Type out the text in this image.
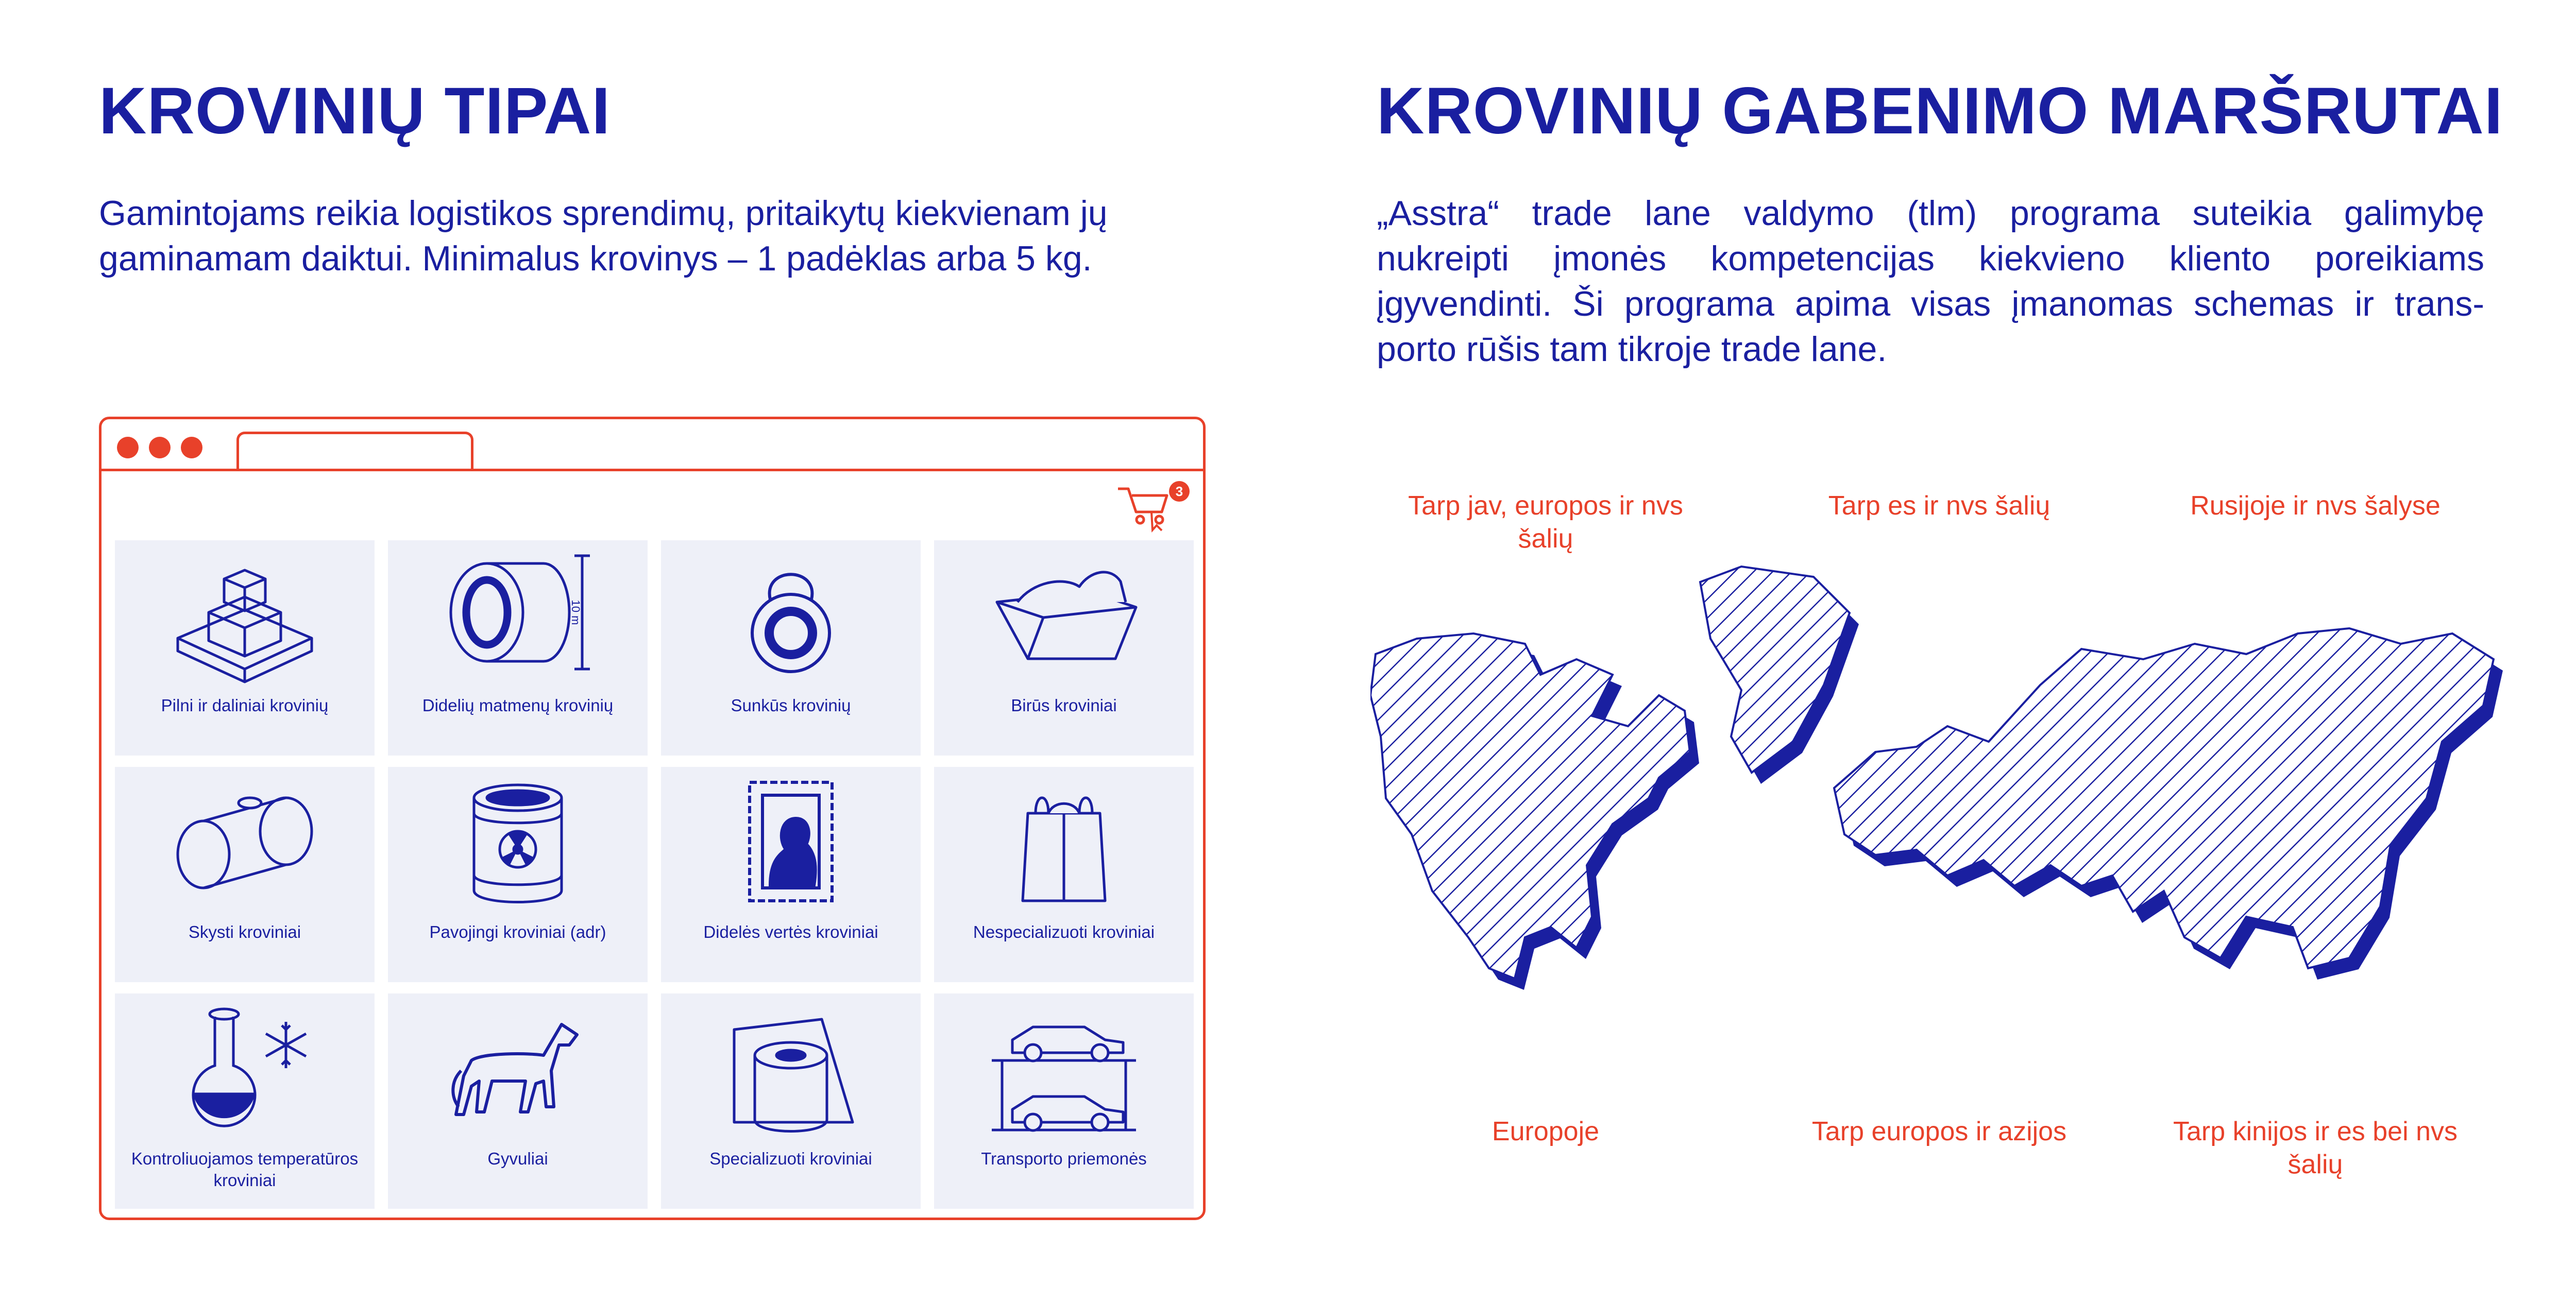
KROVINIŲ TIPAI
Gamintojams reikia logistikos sprendimų, pritaikytų kiekvienam jų
gaminamam daiktui. Minimalus krovinys – 1 padėklas arba 5 kg.
3
Pilni ir daliniai krovinių
10 m
Didelių matmenų krovinių	Sunkūs krovinių	Birūs kroviniai
Skysti kroviniai	Pavojingi kroviniai (adr)	Didelės vertės kroviniai	Nespecializuoti kroviniai
Kontroliuojamos temperatūros kroviniai
Gyvuliai	Specializuoti kroviniai	Transporto priemonės
KROVINIŲ GABENIMO MARŠRUTAI
„Asstra“ trade lane valdymo (tlm) programa suteikia galimybę
nukreipti įmonės kompetencijas kiekvieno kliento poreikiams
įgyvendinti. Ši programa apima visas įmanomas schemas ir trans-
porto rūšis tam tikroje trade lane.
Tarp jav, europos ir nvs šalių
Tarp es ir nvs šalių	Rusijoje ir nvs šalyse
Europoje	Tarp europos ir azijos	Tarp kinijos ir es bei nvs šalių
